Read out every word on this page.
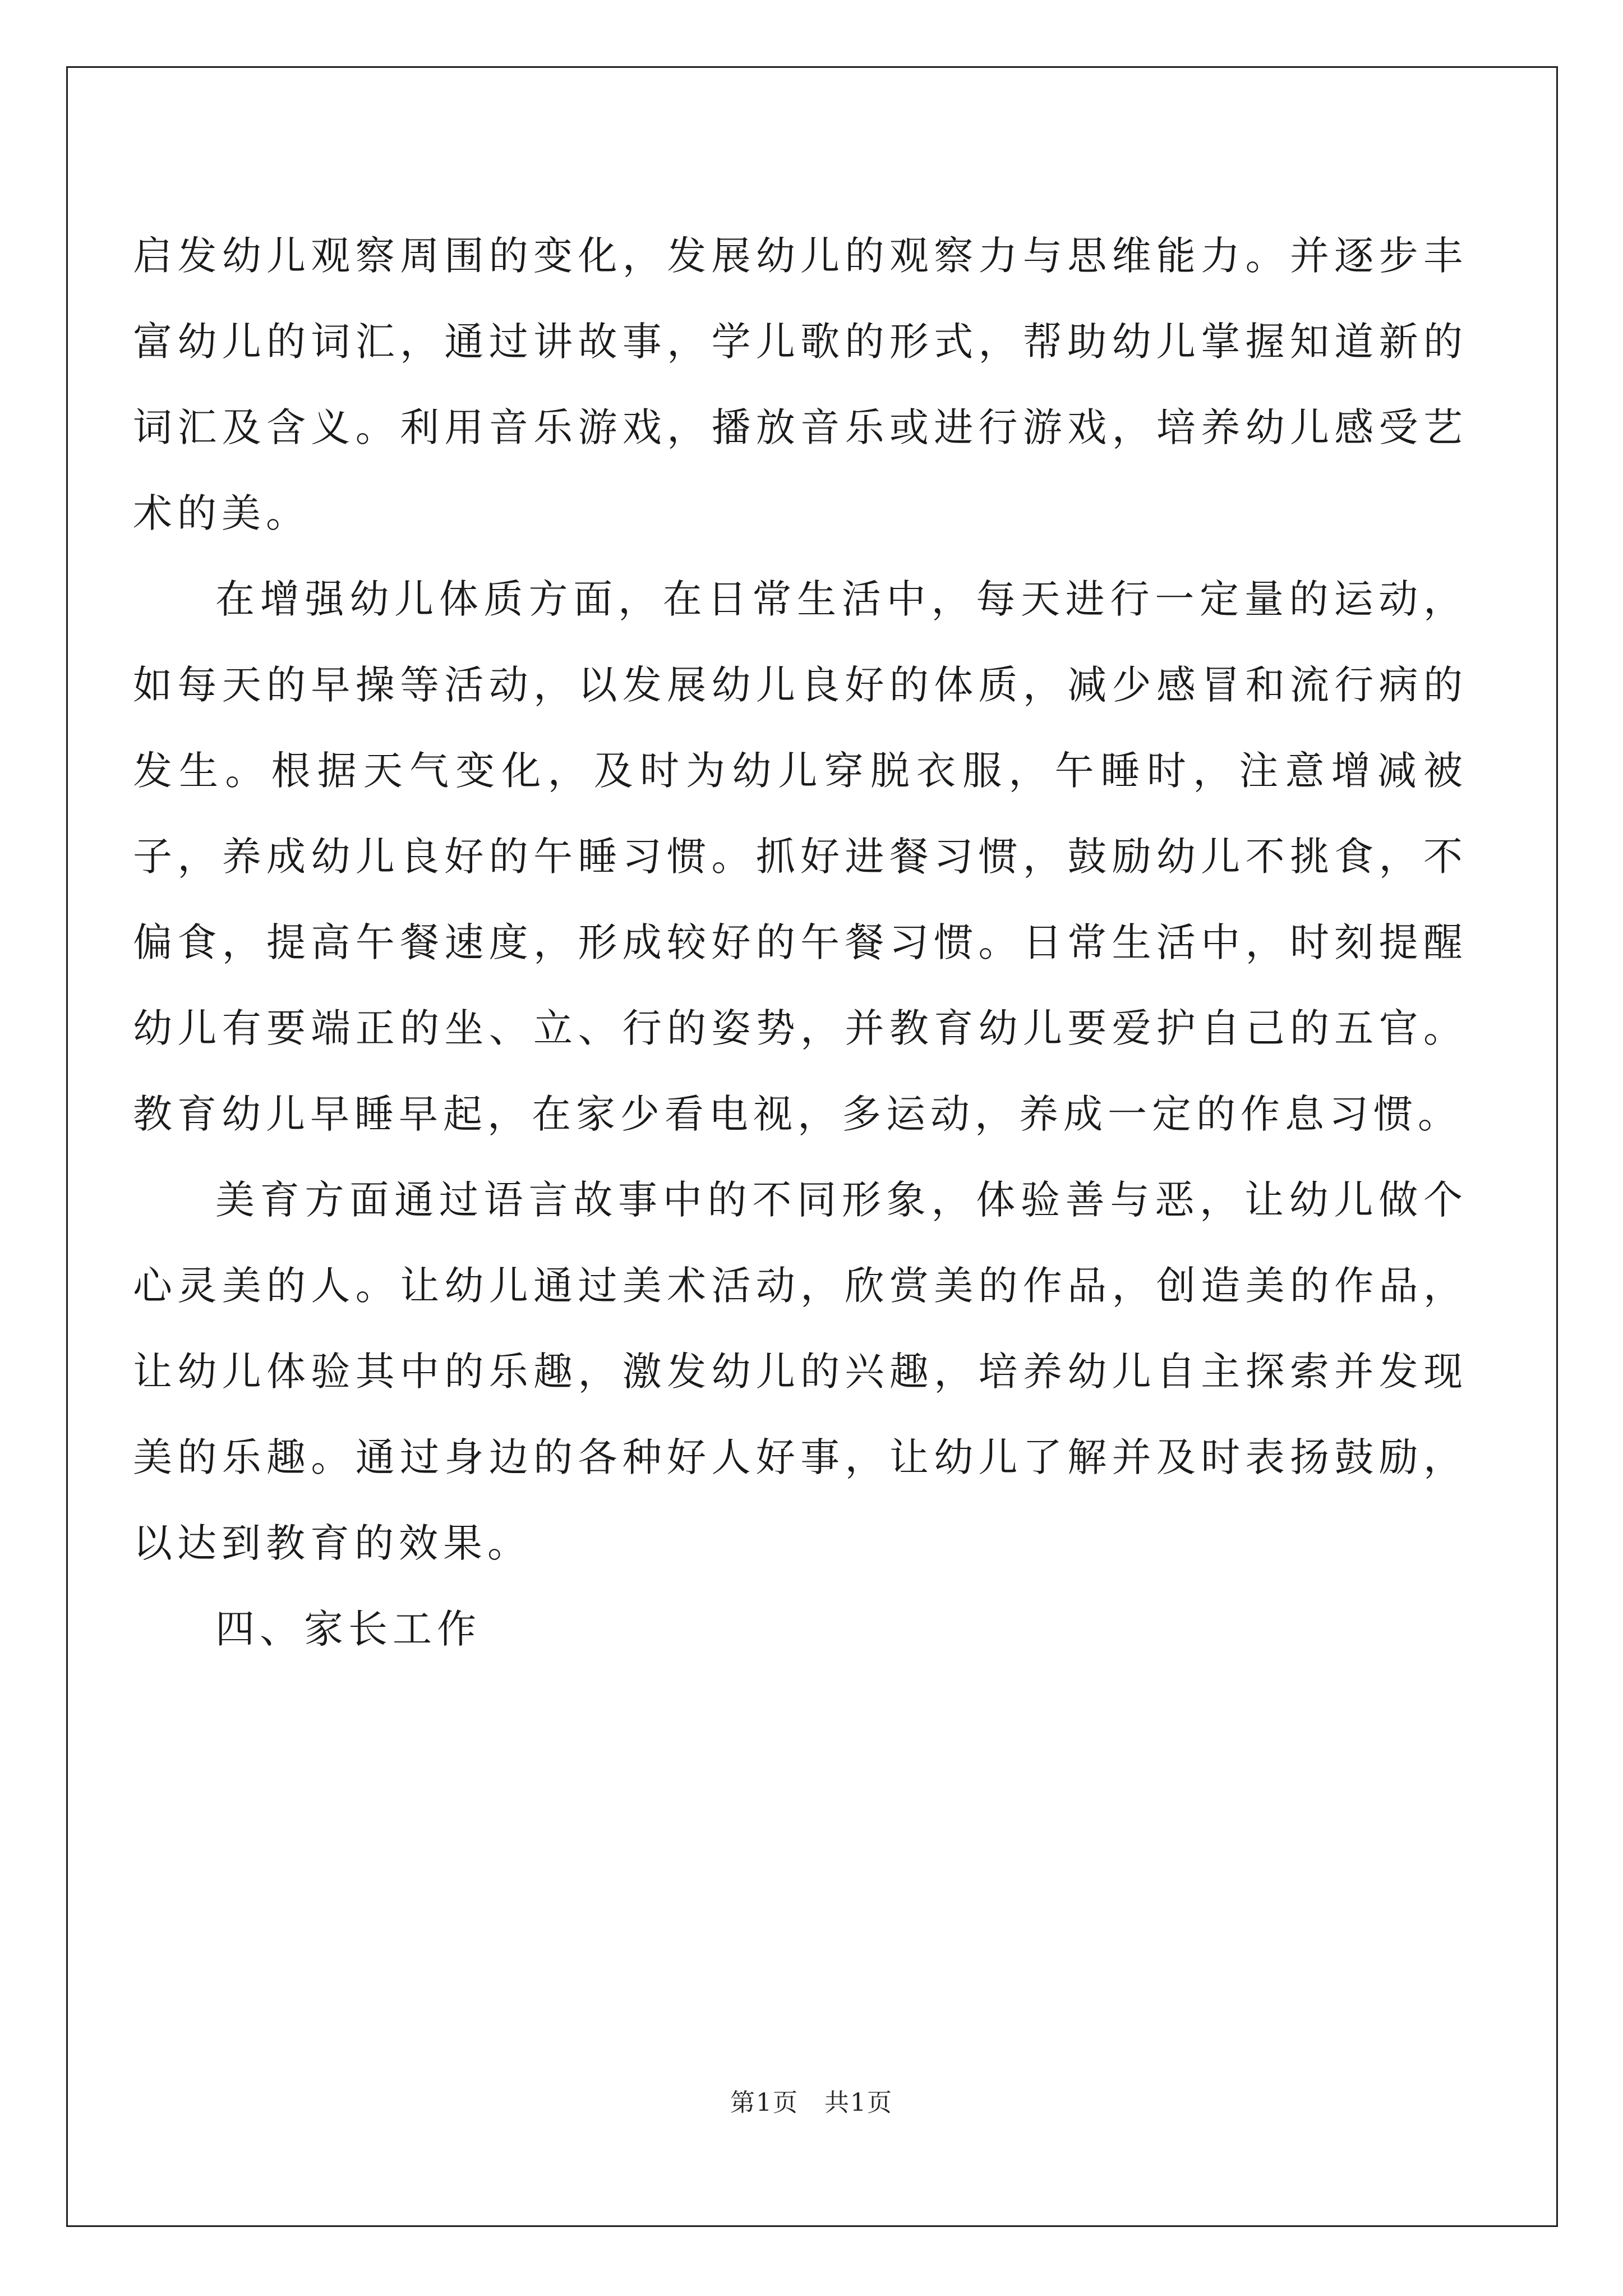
启发幼儿观察周围的变化，发展幼儿的观察力与思维能力。并逐步丰富幼儿的词汇，通过讲故事，学儿歌的形式，帮助幼儿掌握知道新的词汇及含义。利用音乐游戏，播放音乐或进行游戏，培养幼儿感受艺术的美。

在增强幼儿体质方面，在日常生活中，每天进行一定量的运动，如每天的早操等活动，以发展幼儿良好的体质，减少感冒和流行病的发生。根据天气变化，及时为幼儿穿脱衣服，午睡时，注意增减被子，养成幼儿良好的午睡习惯。抓好进餐习惯，鼓励幼儿不挑食，不偏食，提高午餐速度，形成较好的午餐习惯。日常生活中，时刻提醒幼儿有要端正的坐、立、行的姿势，并教育幼儿要爱护自己的五官。教育幼儿早睡早起，在家少看电视，多运动，养成一定的作息习惯。

美育方面通过语言故事中的不同形象，体验善与恶，让幼儿做个心灵美的人。让幼儿通过美术活动，欣赏美的作品，创造美的作品，让幼儿体验其中的乐趣，激发幼儿的兴趣，培养幼儿自主探索并发现美的乐趣。通过身边的各种好人好事，让幼儿了解并及时表扬鼓励，以达到教育的效果。

四、家长工作

第1页　共1页
